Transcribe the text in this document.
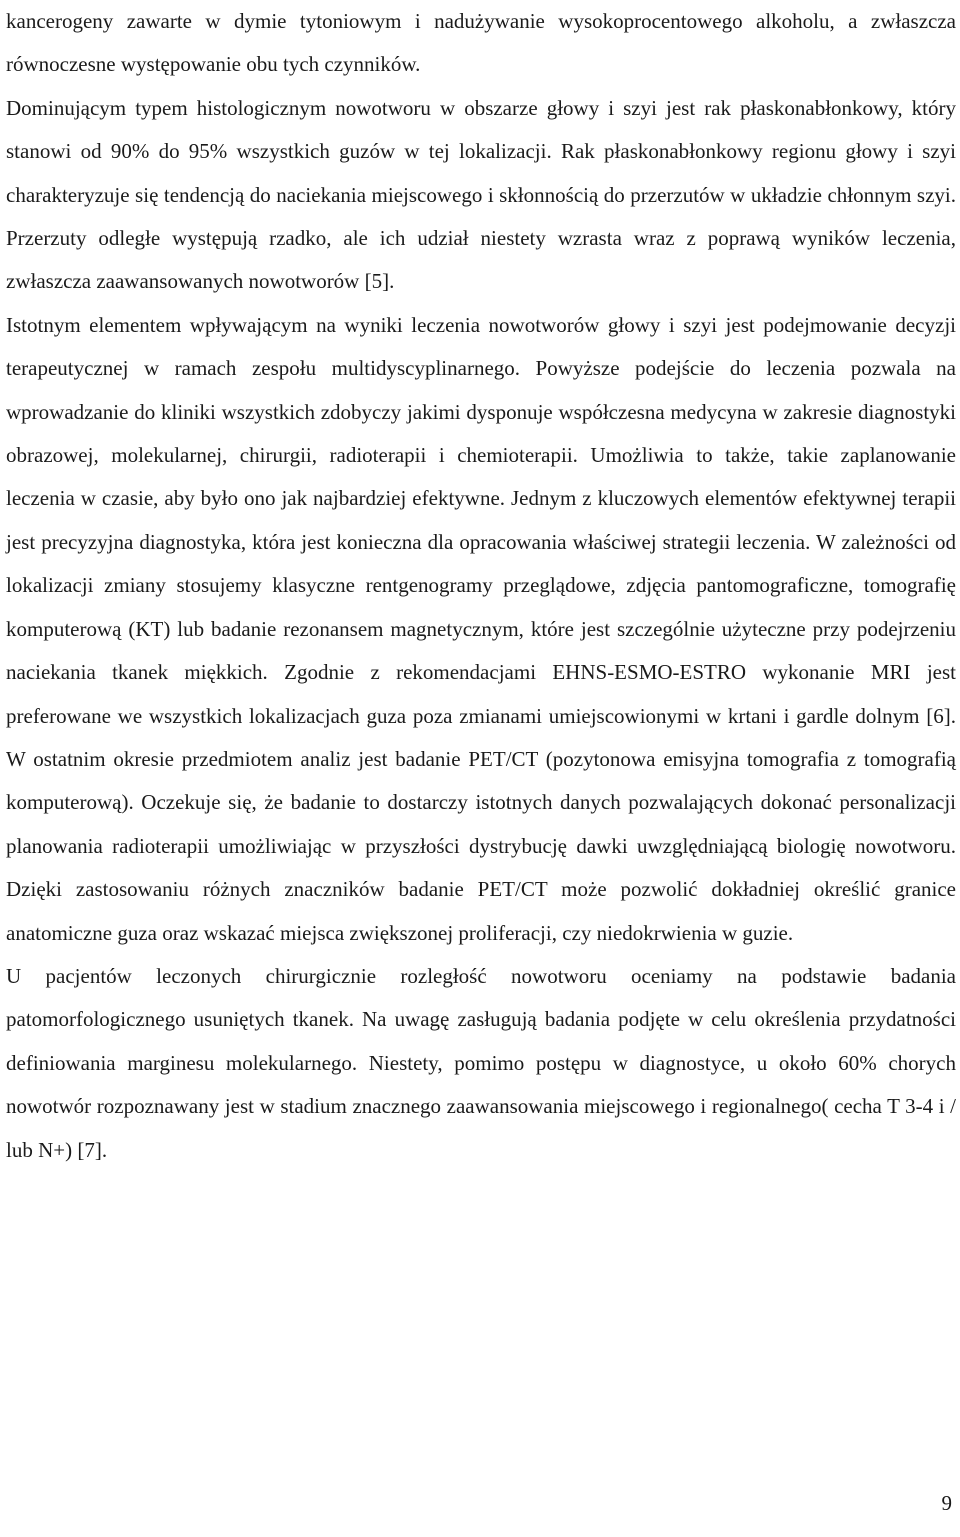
kancerogeny zawarte w dymie tytoniowym i nadużywanie wysokoprocentowego alkoholu, a zwłaszcza równoczesne występowanie obu tych czynników.

Dominującym typem histologicznym nowotworu w obszarze głowy i szyi jest rak płaskonabłonkowy, który stanowi od 90% do 95% wszystkich guzów w tej lokalizacji. Rak płaskonabłonkowy regionu głowy i szyi charakteryzuje się tendencją do naciekania miejscowego i skłonnością do przerzutów w układzie chłonnym szyi. Przerzuty odległe występują rzadko, ale ich udział niestety wzrasta wraz z poprawą wyników leczenia, zwłaszcza zaawansowanych nowotworów [5].

Istotnym elementem wpływającym na wyniki leczenia nowotworów głowy i szyi jest podejmowanie decyzji terapeutycznej w ramach zespołu multidyscyplinarnego. Powyższe podejście do leczenia pozwala na wprowadzanie do kliniki wszystkich zdobyczy jakimi dysponuje współczesna medycyna w zakresie diagnostyki obrazowej, molekularnej, chirurgii, radioterapii i chemioterapii. Umożliwia to także, takie zaplanowanie leczenia w czasie, aby było ono jak najbardziej efektywne. Jednym z kluczowych elementów efektywnej terapii jest precyzyjna diagnostyka, która jest konieczna dla opracowania właściwej strategii leczenia. W zależności od lokalizacji zmiany stosujemy klasyczne rentgenogramy przeglądowe, zdjęcia pantomograficzne, tomografię komputerową (KT) lub badanie rezonansem magnetycznym, które jest szczególnie użyteczne przy podejrzeniu naciekania tkanek miękkich. Zgodnie z rekomendacjami EHNS-ESMO-ESTRO wykonanie MRI jest preferowane we wszystkich lokalizacjach guza poza zmianami umiejscowionymi w krtani i gardle dolnym [6]. W ostatnim okresie przedmiotem analiz jest badanie PET/CT (pozytonowa emisyjna tomografia z tomografią komputerową). Oczekuje się, że badanie to dostarczy istotnych danych pozwalających dokonać personalizacji planowania radioterapii umożliwiając w przyszłości dystrybucję dawki uwzględniającą biologię nowotworu. Dzięki zastosowaniu różnych znaczników badanie PET/CT może pozwolić dokładniej określić granice anatomiczne guza oraz wskazać miejsca zwiększonej proliferacji, czy niedokrwienia w guzie.

U pacjentów leczonych chirurgicznie rozległość nowotworu oceniamy na podstawie badania patomorfologicznego usuniętych tkanek. Na uwagę zasługują badania podjęte w celu określenia przydatności definiowania marginesu molekularnego. Niestety, pomimo postępu w diagnostyce, u około 60% chorych nowotwór rozpoznawany jest w stadium znacznego zaawansowania miejscowego i regionalnego( cecha T 3-4 i / lub N+) [7].

9
